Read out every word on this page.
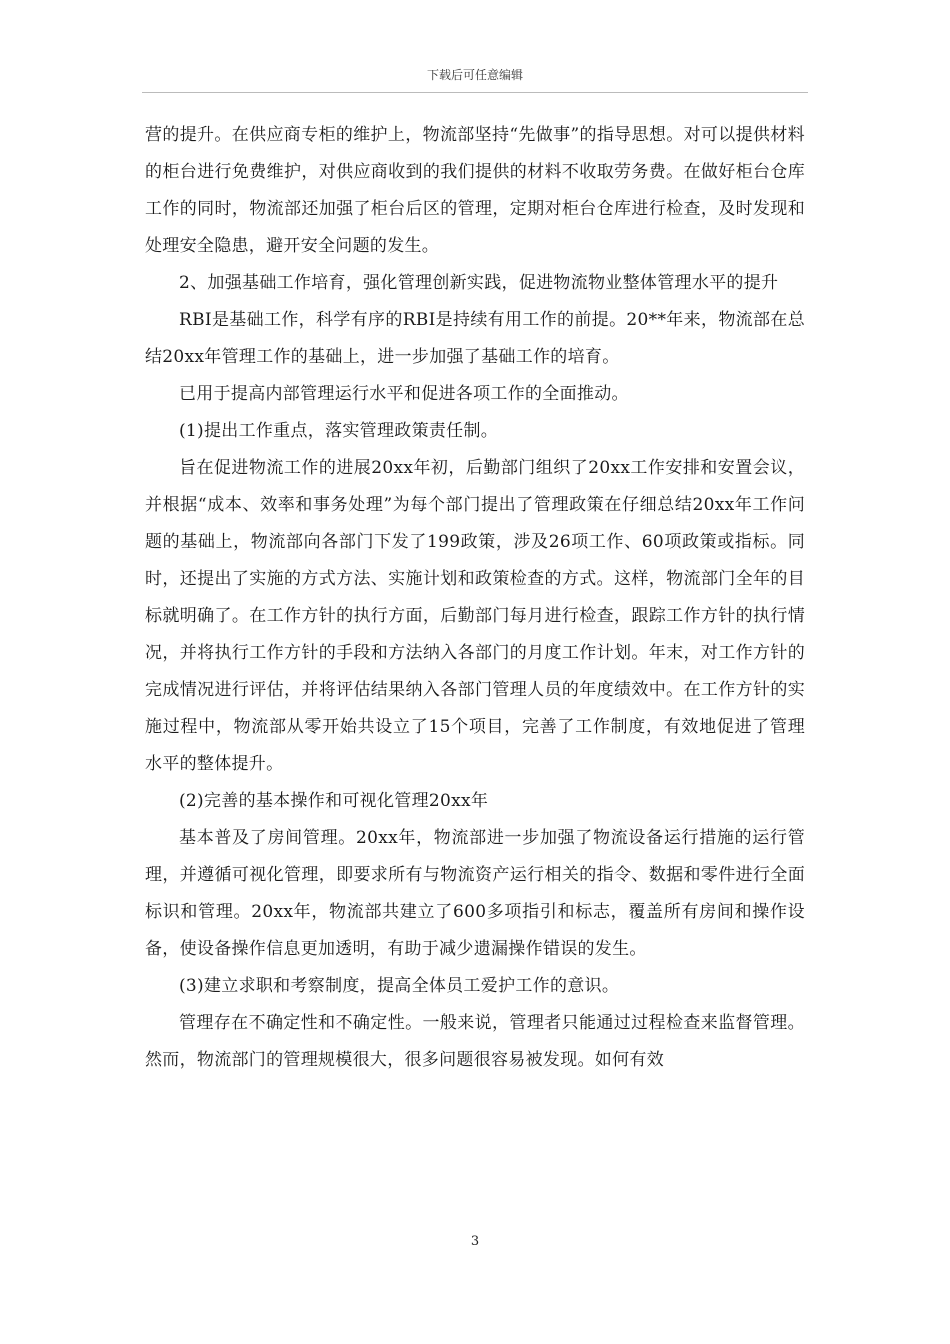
下载后可任意编辑

营的提升。在供应商专柜的维护上，物流部坚持“先做事”的指导思想。对可以提供材料的柜台进行免费维护，对供应商收到的我们提供的材料不收取劳务费。在做好柜台仓库工作的同时，物流部还加强了柜台后区的管理，定期对柜台仓库进行检查，及时发现和处理安全隐患，避开安全问题的发生。

2、加强基础工作培育，强化管理创新实践，促进物流物业整体管理水平的提升

RBI是基础工作，科学有序的RBI是持续有用工作的前提。20**年来，物流部在总结20xx年管理工作的基础上，进一步加强了基础工作的培育。

已用于提高内部管理运行水平和促进各项工作的全面推动。

(1)提出工作重点，落实管理政策责任制。

旨在促进物流工作的进展20xx年初，后勤部门组织了20xx工作安排和安置会议，并根据“成本、效率和事务处理”为每个部门提出了管理政策在仔细总结20xx年工作问题的基础上，物流部向各部门下发了199政策，涉及26项工作、60项政策或指标。同时，还提出了实施的方式方法、实施计划和政策检查的方式。这样，物流部门全年的目标就明确了。在工作方针的执行方面，后勤部门每月进行检查，跟踪工作方针的执行情况，并将执行工作方针的手段和方法纳入各部门的月度工作计划。年末，对工作方针的完成情况进行评估，并将评估结果纳入各部门管理人员的年度绩效中。在工作方针的实施过程中，物流部从零开始共设立了15个项目，完善了工作制度，有效地促进了管理水平的整体提升。

(2)完善的基本操作和可视化管理20xx年

基本普及了房间管理。20xx年，物流部进一步加强了物流设备运行措施的运行管理，并遵循可视化管理，即要求所有与物流资产运行相关的指令、数据和零件进行全面标识和管理。20xx年，物流部共建立了600多项指引和标志，覆盖所有房间和操作设备，使设备操作信息更加透明，有助于减少遗漏操作错误的发生。

(3)建立求职和考察制度，提高全体员工爱护工作的意识。

管理存在不确定性和不确定性。一般来说，管理者只能通过过程检查来监督管理。然而，物流部门的管理规模很大，很多问题很容易被发现。如何有效

3
